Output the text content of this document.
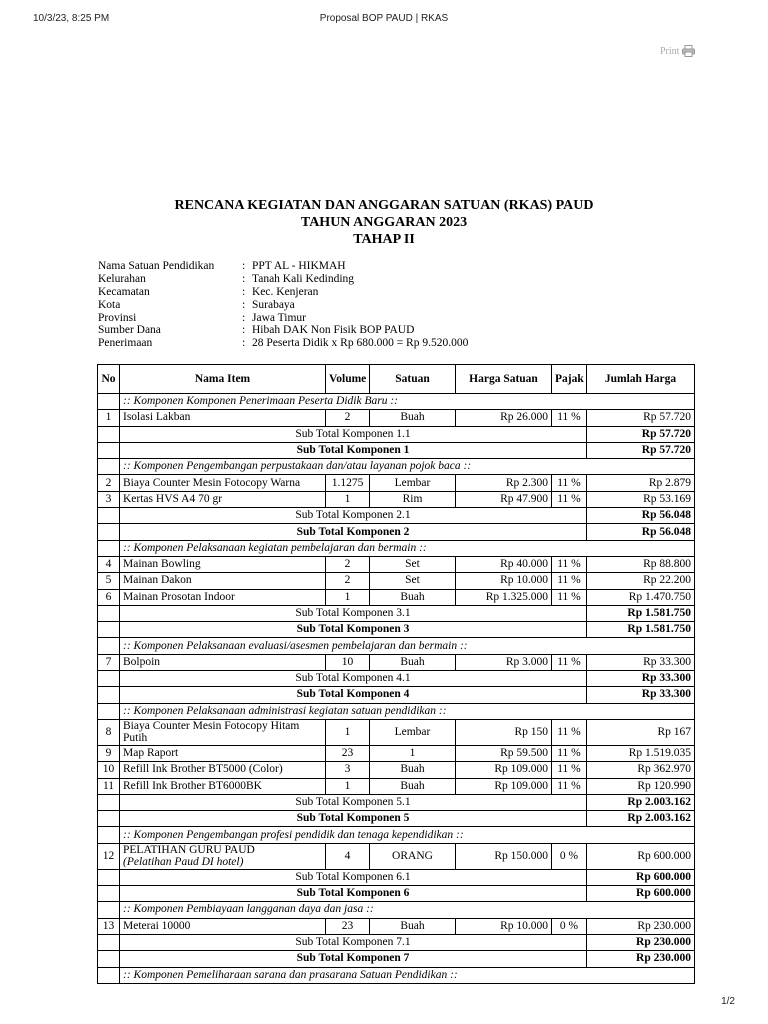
10/3/23, 8:25 PM	Proposal BOP PAUD | RKAS
Print
RENCANA KEGIATAN DAN ANGGARAN SATUAN (RKAS) PAUD
TAHUN ANGGARAN 2023
TAHAP II
Nama Satuan Pendidikan	: PPT AL - HIKMAH
Kelurahan	: Tanah Kali Kedinding
Kecamatan	: Kec. Kenjeran
Kota	: Surabaya
Provinsi	: Jawa Timur
Sumber Dana	: Hibah DAK Non Fisik BOP PAUD
Penerimaan	: 28 Peserta Didik x Rp 680.000 = Rp 9.520.000
No	Nama Item	Volume	Satuan	Harga Satuan	Pajak	Jumlah Harga
	:: Komponen Komponen Penerimaan Peserta Didik Baru ::					
1	Isolasi Lakban	2	Buah	Rp 26.000	11 %	Rp 57.720
	Sub Total Komponen 1.1					Rp 57.720
	Sub Total Komponen 1					Rp 57.720
	:: Komponen Pengembangan perpustakaan dan/atau layanan pojok baca ::					
2	Biaya Counter Mesin Fotocopy Warna	1.1275	Lembar	Rp 2.300	11 %	Rp 2.879
3	Kertas HVS A4 70 gr	1	Rim	Rp 47.900	11 %	Rp 53.169
	Sub Total Komponen 2.1					Rp 56.048
	Sub Total Komponen 2					Rp 56.048
	:: Komponen Pelaksanaan kegiatan pembelajaran dan bermain ::					
4	Mainan Bowling	2	Set	Rp 40.000	11 %	Rp 88.800
5	Mainan Dakon	2	Set	Rp 10.000	11 %	Rp 22.200
6	Mainan Prosotan Indoor	1	Buah	Rp 1.325.000	11 %	Rp 1.470.750
	Sub Total Komponen 3.1					Rp 1.581.750
	Sub Total Komponen 3					Rp 1.581.750
	:: Komponen Pelaksanaan evaluasi/asesmen pembelajaran dan bermain ::					
7	Bolpoin	10	Buah	Rp 3.000	11 %	Rp 33.300
	Sub Total Komponen 4.1					Rp 33.300
	Sub Total Komponen 4					Rp 33.300
	:: Komponen Pelaksanaan administrasi kegiatan satuan pendidikan ::					
8	Biaya Counter Mesin Fotocopy Hitam Putih	1	Lembar	Rp 150	11 %	Rp 167
9	Map Raport	23	1	Rp 59.500	11 %	Rp 1.519.035
10	Refill Ink Brother BT5000 (Color)	3	Buah	Rp 109.000	11 %	Rp 362.970
11	Refill Ink Brother BT6000BK	1	Buah	Rp 109.000	11 %	Rp 120.990
	Sub Total Komponen 5.1					Rp 2.003.162
	Sub Total Komponen 5					Rp 2.003.162
	:: Komponen Pengembangan profesi pendidik dan tenaga kependidikan ::					
12	PELATIHAN GURU PAUD
(Pelatihan Paud DI hotel)	4	ORANG	Rp 150.000	0 %	Rp 600.000
	Sub Total Komponen 6.1					Rp 600.000
	Sub Total Komponen 6					Rp 600.000
	:: Komponen Pembiayaan langganan daya dan jasa ::					
13	Meterai 10000	23	Buah	Rp 10.000	0 %	Rp 230.000
	Sub Total Komponen 7.1					Rp 230.000
	Sub Total Komponen 7					Rp 230.000
	:: Komponen Pemeliharaan sarana dan prasarana Satuan Pendidikan ::					
1/2
